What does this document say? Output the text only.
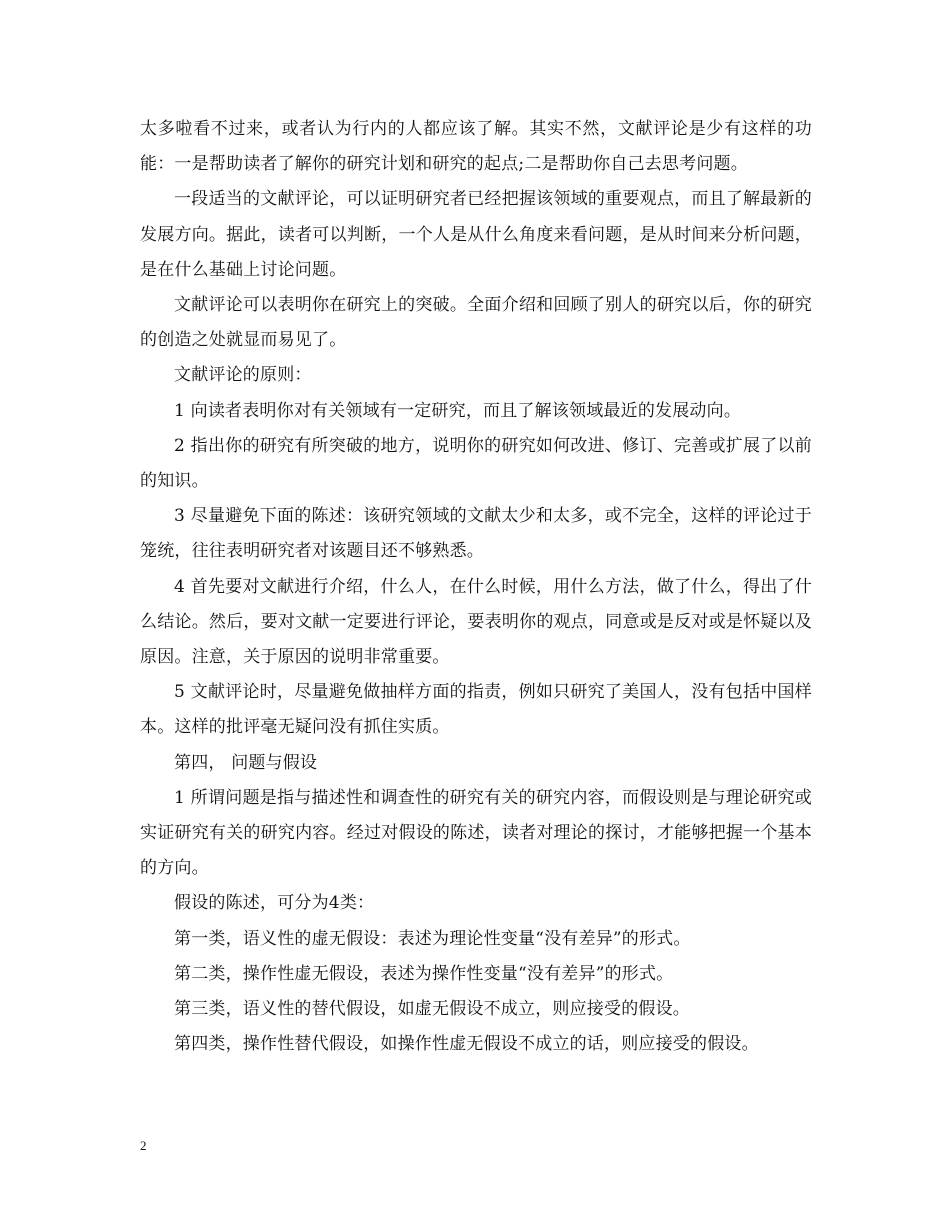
太多啦看不过来，或者认为行内的人都应该了解。其实不然，文献评论是少有这样的功能：一是帮助读者了解你的研究计划和研究的起点;二是帮助你自己去思考问题。

一段适当的文献评论，可以证明研究者已经把握该领域的重要观点，而且了解最新的发展方向。据此，读者可以判断，一个人是从什么角度来看问题，是从时间来分析问题，是在什么基础上讨论问题。

文献评论可以表明你在研究上的突破。全面介绍和回顾了别人的研究以后，你的研究的创造之处就显而易见了。

文献评论的原则：

1 向读者表明你对有关领域有一定研究，而且了解该领域最近的发展动向。

2 指出你的研究有所突破的地方，说明你的研究如何改进、修订、完善或扩展了以前的知识。

3 尽量避免下面的陈述：该研究领域的文献太少和太多，或不完全，这样的评论过于笼统，往往表明研究者对该题目还不够熟悉。

4 首先要对文献进行介绍，什么人，在什么时候，用什么方法，做了什么，得出了什么结论。然后，要对文献一定要进行评论，要表明你的观点，同意或是反对或是怀疑以及原因。注意，关于原因的说明非常重要。

5 文献评论时，尽量避免做抽样方面的指责，例如只研究了美国人，没有包括中国样本。这样的批评毫无疑问没有抓住实质。

第四， 问题与假设

1 所谓问题是指与描述性和调查性的研究有关的研究内容，而假设则是与理论研究或实证研究有关的研究内容。经过对假设的陈述，读者对理论的探讨，才能够把握一个基本的方向。

假设的陈述，可分为4类：

第一类，语义性的虚无假设：表述为理论性变量“没有差异”的形式。

第二类，操作性虚无假设，表述为操作性变量“没有差异”的形式。

第三类，语义性的替代假设，如虚无假设不成立，则应接受的假设。

第四类，操作性替代假设，如操作性虚无假设不成立的话，则应接受的假设。

2
